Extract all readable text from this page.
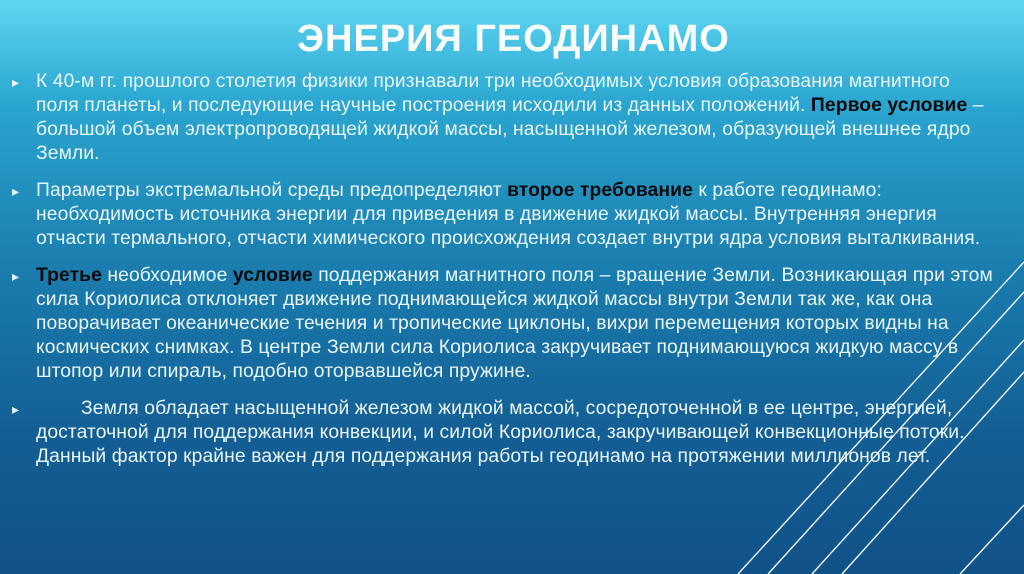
ЭНЕРИЯ ГЕОДИНАМО

▸ К 40-м гг. прошлого столетия физики признавали три необходимых условия образования магнитного поля планеты, и последующие научные построения исходили из данных положений. Первое условие – большой объем электропроводящей жидкой массы, насыщенной железом, образующей внешнее ядро Земли.

▸ Параметры экстремальной среды предопределяют второе требование к работе геодинамо: необходимость источника энергии для приведения в движение жидкой массы. Внутренняя энергия отчасти термального, отчасти химического происхождения создает внутри ядра условия выталкивания.

▸ Третье необходимое условие поддержания магнитного поля – вращение Земли. Возникающая при этом сила Кориолиса отклоняет движение поднимающейся жидкой массы внутри Земли так же, как она поворачивает океанические течения и тропические циклоны, вихри перемещения которых видны на космических снимках. В центре Земли сила Кориолиса закручивает поднимающуюся жидкую массу в штопор или спираль, подобно оторвавшейся пружине.

▸	Земля обладает насыщенной железом жидкой массой, сосредоточенной в ее центре, энергией, достаточной для поддержания конвекции, и силой Кориолиса, закручивающей конвекционные потоки. Данный фактор крайне важен для поддержания работы геодинамо на протяжении миллионов лет.
